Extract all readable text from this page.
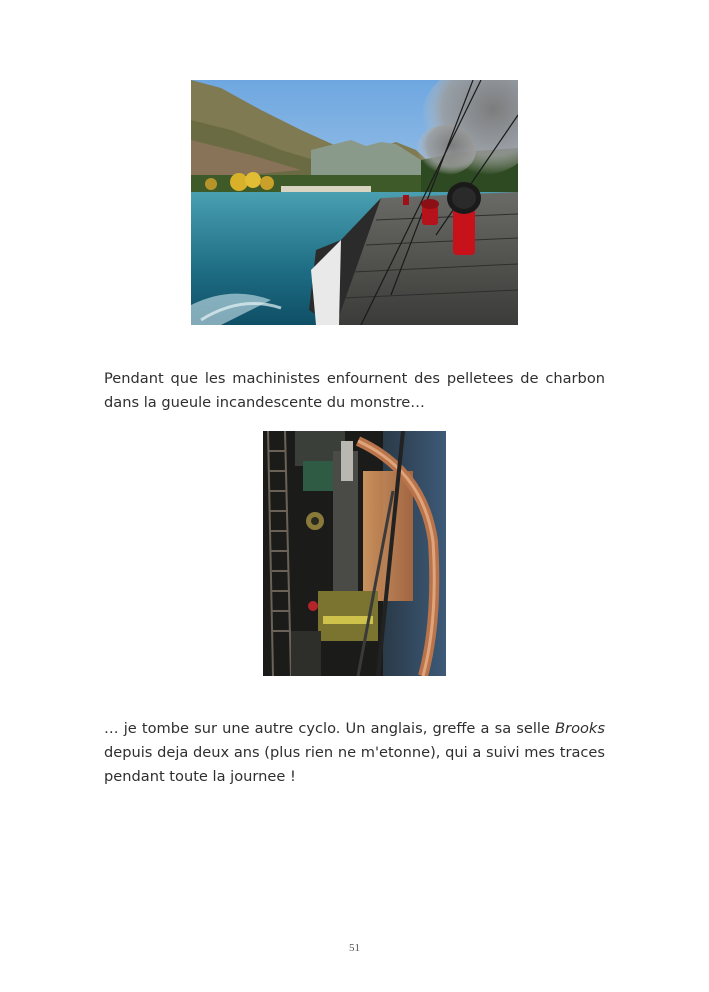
Pendant que les machinistes enfournent des pelletees de charbon dans la gueule incandescente du monstre…

… je tombe sur une autre cyclo. Un anglais, greffe a sa selle Brooks depuis deja deux ans (plus rien ne m'etonne), qui a suivi mes traces pendant toute la journee !

51
